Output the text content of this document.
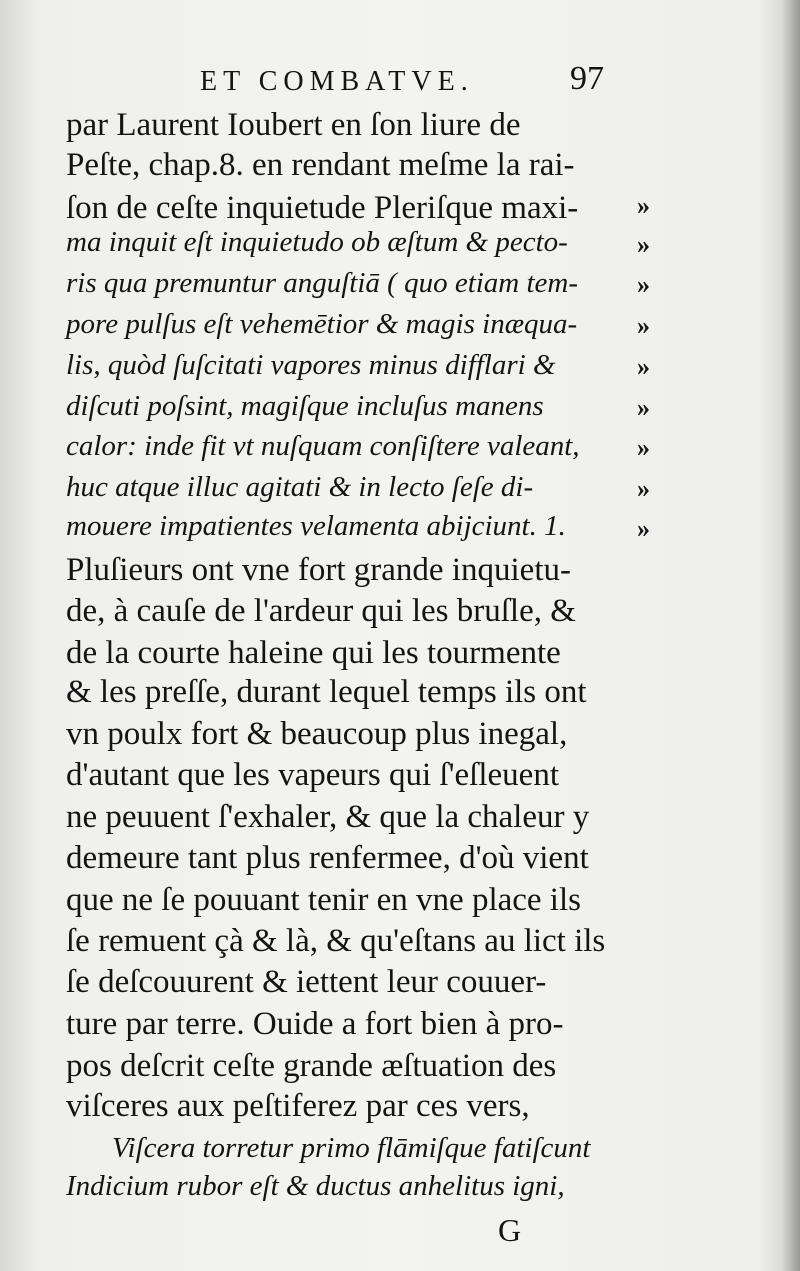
ET COMBATVE.	97
par Laurent Ioubert en ſon liure de
Peſte, chap.8. en rendant meſme la rai-
ſon de ceſte inquietude Pleriſque maxi-
ma inquit eſt inquietudo ob æſtum & pecto-
ris qua premuntur anguſtiā ( quo etiam tem-
pore pulſus eſt vehemētior & magis inæqua-
lis, quòd ſuſcitati vapores minus difflari &
diſcuti poſsint, magiſque incluſus manens
calor: inde fit vt nuſquam conſiſtere valeant,
huc atque illuc agitati & in lecto ſeſe di-
mouere impatientes velamenta abijciunt. 1.
Pluſieurs ont vne fort grande inquietu-
de, à cauſe de l'ardeur qui les bruſle, &
de la courte haleine qui les tourmente
& les preſſe, durant lequel temps ils ont
vn poulx fort & beaucoup plus inegal,
d'autant que les vapeurs qui ſ'eſleuent
ne peuuent ſ'exhaler, & que la chaleur y
demeure tant plus renfermee, d'où vient
que ne ſe pouuant tenir en vne place ils
ſe remuent çà & là, & qu'eſtans au lict ils
ſe deſcouurent & iettent leur couuer-
ture par terre. Ouide a fort bien à pro-
pos deſcrit ceſte grande æſtuation des
viſceres aux peſtiferez par ces vers,
Viſcera torretur primo flāmiſque fatiſcunt
Indicium rubor eſt & ductus anhelitus igni,
»
»
»
»
»
»
»
»
»
G
